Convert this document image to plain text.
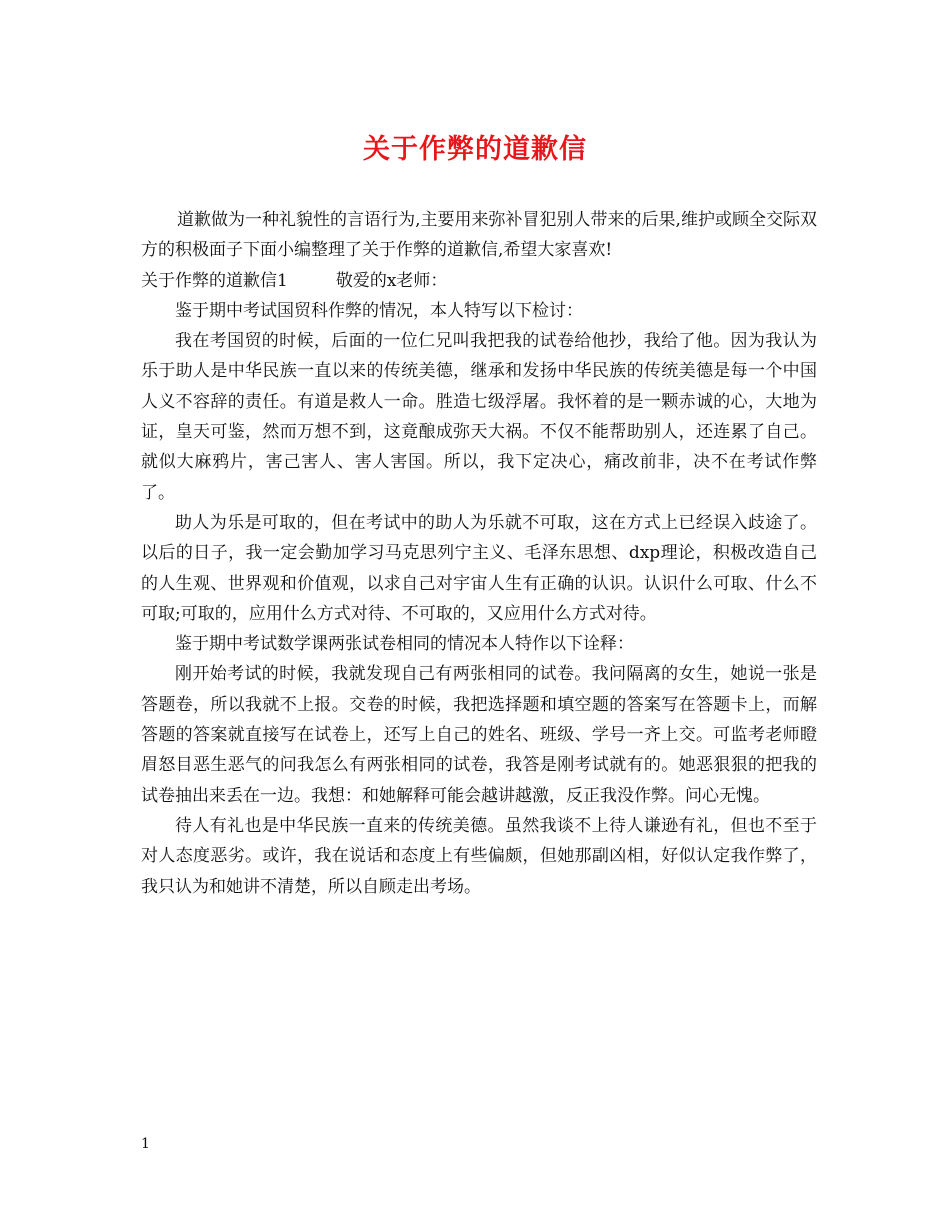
关于作弊的道歉信

道歉做为一种礼貌性的言语行为,主要用来弥补冒犯别人带来的后果,维护或顾全交际双方的积极面子下面小编整理了关于作弊的道歉信,希望大家喜欢!

关于作弊的道歉信1	敬爱的x老师：

鉴于期中考试国贸科作弊的情况，本人特写以下检讨：

我在考国贸的时候，后面的一位仁兄叫我把我的试卷给他抄，我给了他。因为我认为乐于助人是中华民族一直以来的传统美德，继承和发扬中华民族的传统美德是每一个中国人义不容辞的责任。有道是救人一命。胜造七级浮屠。我怀着的是一颗赤诚的心，大地为证，皇天可鉴，然而万想不到，这竟酿成弥天大祸。不仅不能帮助别人，还连累了自己。就似大麻鸦片，害己害人、害人害国。所以，我下定决心，痛改前非，决不在考试作弊了。

助人为乐是可取的，但在考试中的助人为乐就不可取，这在方式上已经误入歧途了。以后的日子，我一定会勤加学习马克思列宁主义、毛泽东思想、dxp理论，积极改造自己的人生观、世界观和价值观，以求自己对宇宙人生有正确的认识。认识什么可取、什么不可取;可取的，应用什么方式对待、不可取的，又应用什么方式对待。

鉴于期中考试数学课两张试卷相同的情况本人特作以下诠释：

刚开始考试的时候，我就发现自己有两张相同的试卷。我问隔离的女生，她说一张是答题卷，所以我就不上报。交卷的时候，我把选择题和填空题的答案写在答题卡上，而解答题的答案就直接写在试卷上，还写上自己的姓名、班级、学号一齐上交。可监考老师瞪眉怒目恶生恶气的问我怎么有两张相同的试卷，我答是刚考试就有的。她恶狠狠的把我的试卷抽出来丢在一边。我想：和她解释可能会越讲越激，反正我没作弊。问心无愧。

待人有礼也是中华民族一直来的传统美德。虽然我谈不上待人谦逊有礼，但也不至于对人态度恶劣。或许，我在说话和态度上有些偏颇，但她那副凶相，好似认定我作弊了，我只认为和她讲不清楚，所以自顾走出考场。

1
